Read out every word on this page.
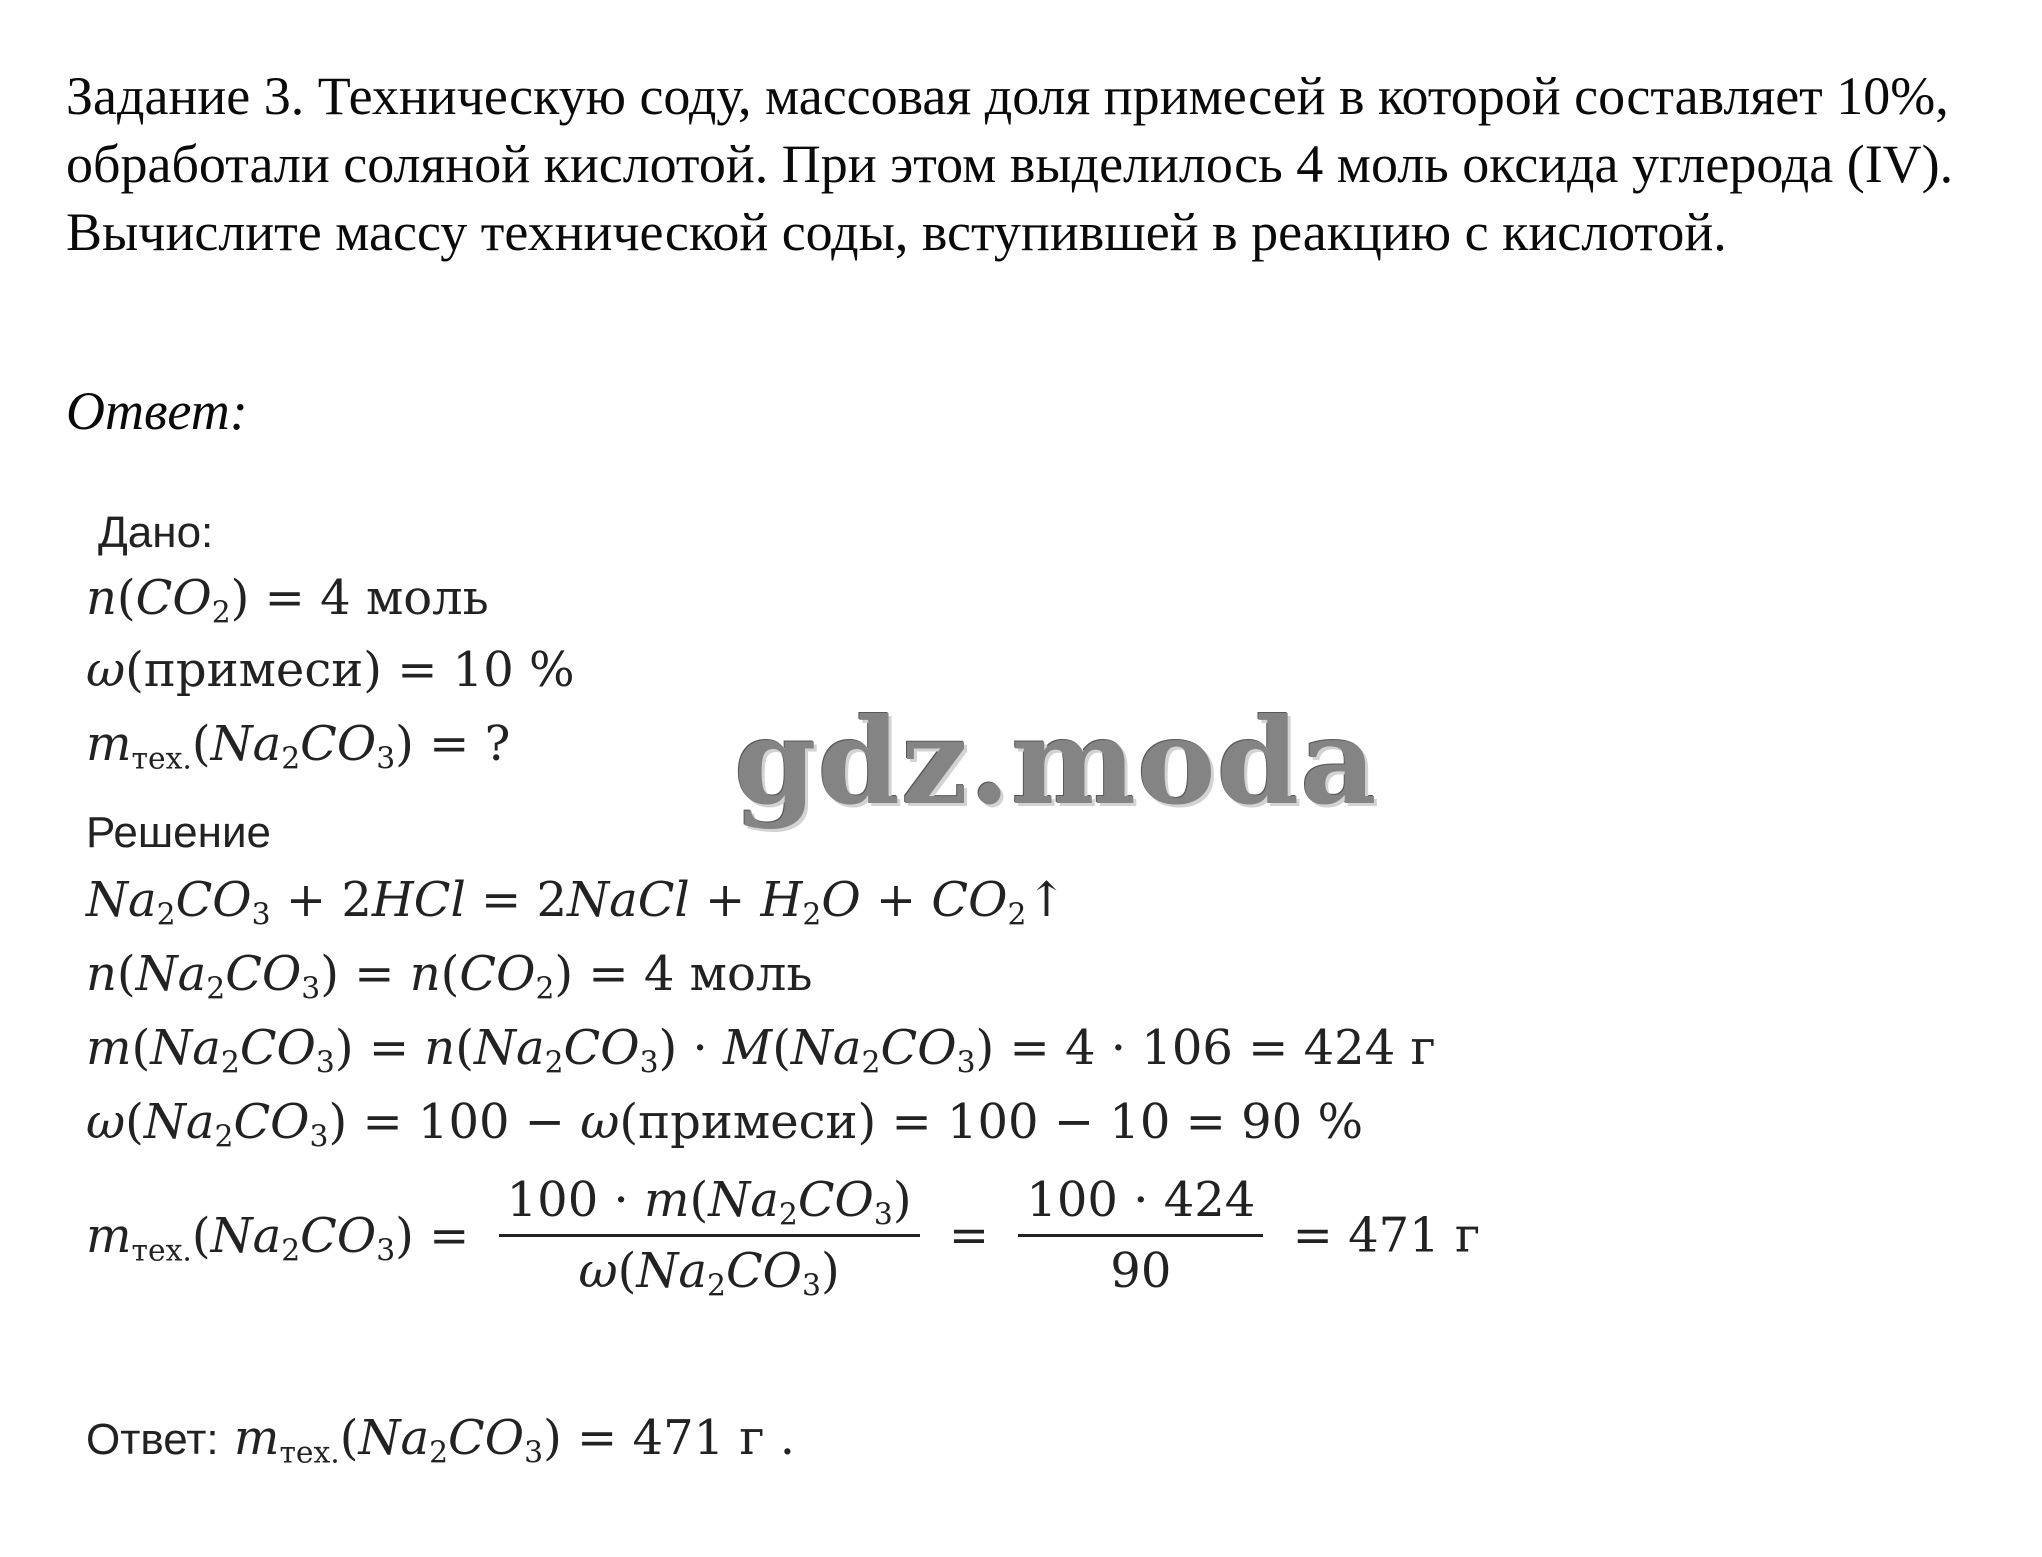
Задание 3. Техническую соду, массовая доля примесей в которой составляет 10%, обработали соляной кислотой. При этом выделилось 4 моль оксида углерода (IV). Вычислите массу технической соды, вступившей в реакцию с кислотой.
Ответ:
Дано:
$n(CO_2) = 4$ моль
ω(примеси) = 10 %
$m_{тех.}(Na_2CO_3)$ = ? gdz.moda
Решение
$Na_2CO_3 + 2HCl$ = 2NaCl + $H_2O$ + $CO_2↑$
$n(Na_2CO_3) = n(CO_2) = 4$ моль
$m(Na_2CO_3) = n(Na_2CO_3) \cdot M(Na_2CO_3) = 4 \cdot 106 = 424$ г
$\omega(Na_2CO_3) = 100$ − ω(примеси) = 100 − 10 = 90 %
$m_{тех.}(Na_2CO_3) = \frac{100 \cdot m(Na_2CO_3)}{\omega(Na_2CO_3)} = \frac{100 \cdot 424}{90} = 471$ г
Ответ: $m_{тех.}(Na_2CO_3) = 471$ г .
